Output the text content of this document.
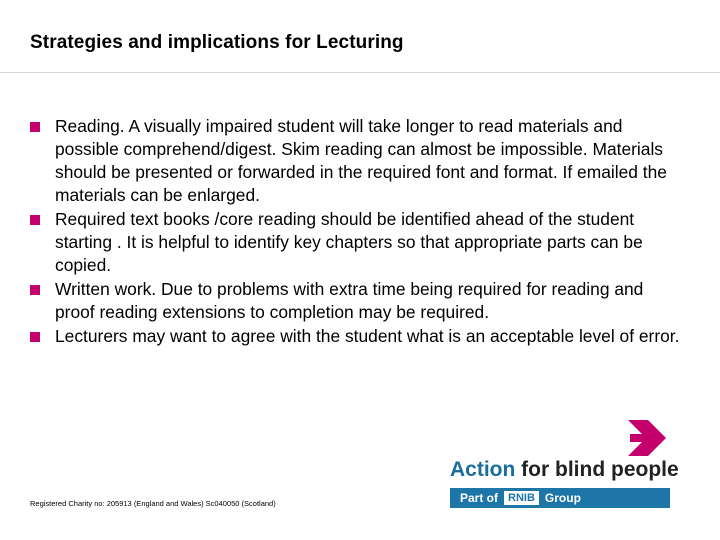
Strategies and implications for Lecturing
Reading. A visually impaired student will take longer to read materials and possible comprehend/digest. Skim reading can almost be impossible. Materials should be presented or forwarded in the required font and format. If emailed the materials can be enlarged.
Required text books /core reading should be identified ahead of the student starting . It is helpful to identify key chapters so that appropriate parts can be copied.
Written work. Due to problems with extra time being required for reading and proof reading extensions to completion may be required.
Lecturers may want to agree with the student what is an acceptable level of error.
Registered Charity no: 205913 (England and Wales) Sc040050 (Scotland)
Action for blind people
Part of RNIB Group
